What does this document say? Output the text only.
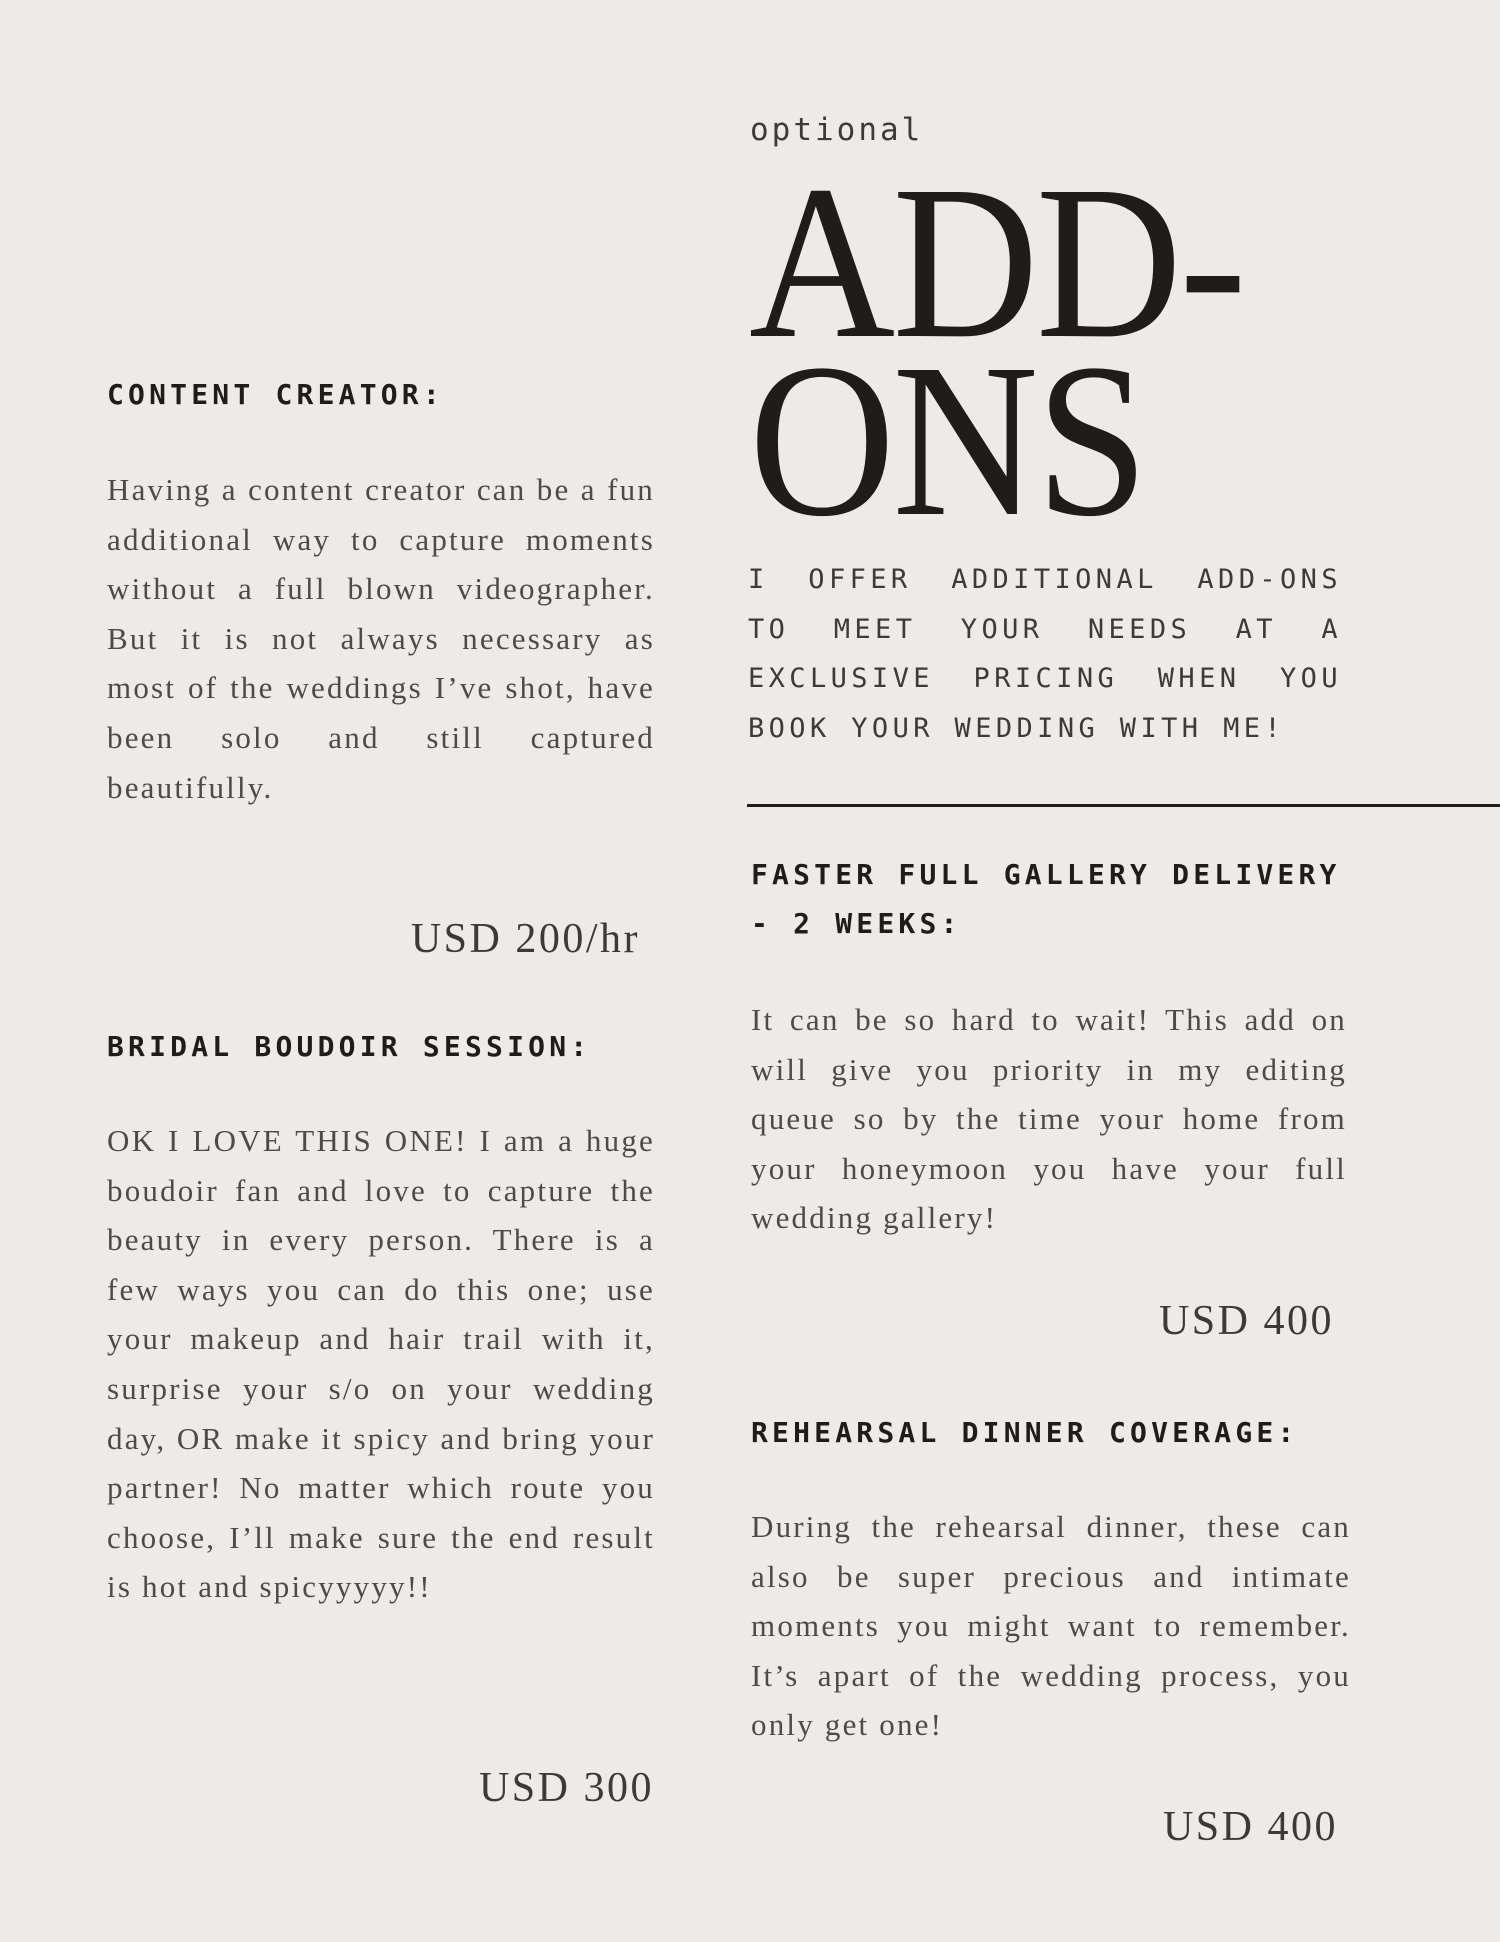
CONTENT CREATOR:

Having a content creator can be a fun additional way to capture moments without a full blown videographer. But it is not always necessary as most of the weddings I’ve shot, have been solo and still captured beautifully.

USD 200/hr

BRIDAL BOUDOIR SESSION:

OK I LOVE THIS ONE! I am a huge boudoir fan and love to capture the beauty in every person. There is a few ways you can do this one; use your makeup and hair trail with it, surprise your s/o on your wedding day, OR make it spicy and bring your partner! No matter which route you choose, I’ll make sure the end result is hot and spicyyyyy!!

USD 300

optional

ADD-
ONS

I OFFER ADDITIONAL ADD-ONS TO MEET YOUR NEEDS AT A EXCLUSIVE PRICING WHEN YOU BOOK YOUR WEDDING WITH ME!

FASTER FULL GALLERY DELIVERY - 2 WEEKS:

It can be so hard to wait! This add on will give you priority in my editing queue so by the time your home from your honeymoon you have your full wedding gallery!

USD 400

REHEARSAL DINNER COVERAGE:

During the rehearsal dinner, these can also be super precious and intimate moments you might want to remember. It’s apart of the wedding process, you only get one!

USD 400
